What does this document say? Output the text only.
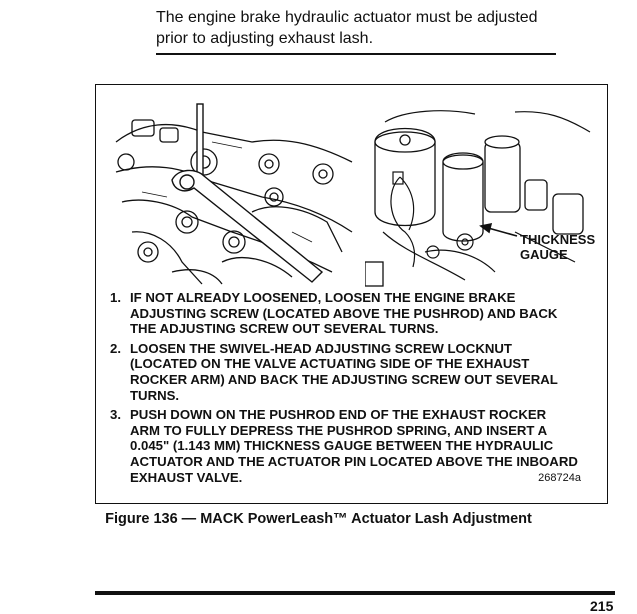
The engine brake hydraulic actuator must be adjusted
prior to adjusting exhaust lash.
268724a
THICKNESS
GAUGE
1. IF NOT ALREADY LOOSENED, LOOSEN THE ENGINE BRAKE
ADJUSTING SCREW (LOCATED ABOVE THE PUSHROD) AND BACK
THE ADJUSTING SCREW OUT SEVERAL TURNS.
2. LOOSEN THE SWIVEL-HEAD ADJUSTING SCREW LOCKNUT
(LOCATED ON THE VALVE ACTUATING SIDE OF THE EXHAUST
ROCKER ARM) AND BACK THE ADJUSTING SCREW OUT SEVERAL
TURNS.
3. PUSH DOWN ON THE PUSHROD END OF THE EXHAUST ROCKER
ARM TO FULLY DEPRESS THE PUSHROD SPRING, AND INSERT A
0.045" (1.143 MM) THICKNESS GAUGE BETWEEN THE HYDRAULIC
ACTUATOR AND THE ACTUATOR PIN LOCATED ABOVE THE INBOARD
EXHAUST VALVE.
Figure 136 — MACK PowerLeash™ Actuator Lash Adjustment
215
